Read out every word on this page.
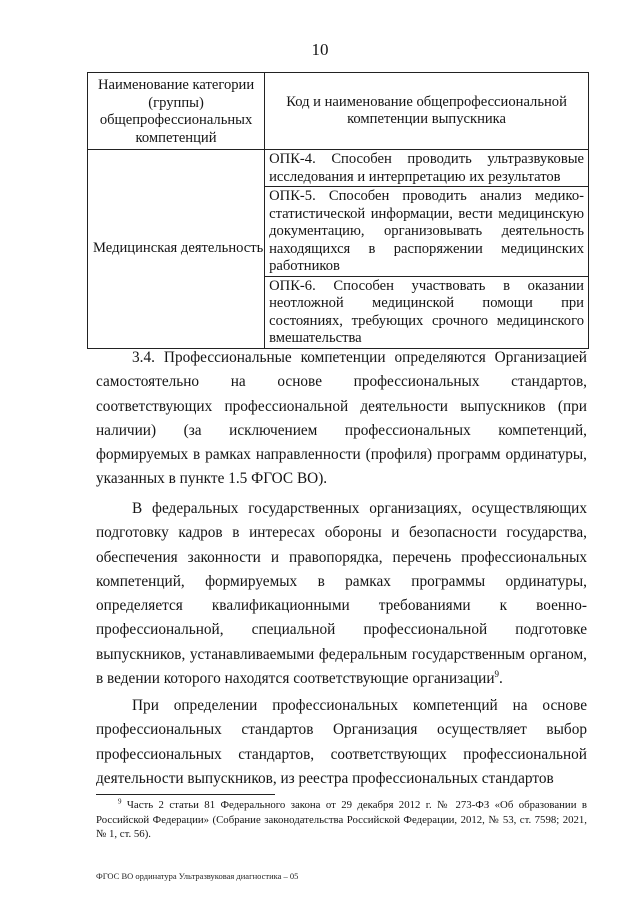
10
Наименование категории (группы) общепрофессиональных компетенций	Код и наименование общепрофессиональной компетенции выпускника
Медицинская деятельность	ОПК-4. Способен проводить ультразвуковые исследования и интерпретацию их результатов

	ОПК-5. Способен проводить анализ медико-статистической информации, вести медицинскую документацию, организовывать деятельность находящихся в распоряжении медицинских работников

	ОПК-6. Способен участвовать в оказании неотложной медицинской помощи при состояниях, требующих срочного медицинского вмешательства

3.4. Профессиональные компетенции определяются Организацией самостоятельно на основе профессиональных стандартов, соответствующих профессиональной деятельности выпускников (при наличии) (за исключением профессиональных компетенций, формируемых в рамках направленности (профиля) программ ординатуры, указанных в пункте 1.5 ФГОС ВО).

В федеральных государственных организациях, осуществляющих подготовку кадров в интересах обороны и безопасности государства, обеспечения законности и правопорядка, перечень профессиональных компетенций, формируемых в рамках программы ординатуры, определяется квалификационными требованиями к военно-профессиональной, специальной профессиональной подготовке выпускников, устанавливаемыми федеральным государственным органом, в ведении которого находятся соответствующие организации$^9$.

При определении профессиональных компетенций на основе профессиональных стандартов Организация осуществляет выбор профессиональных стандартов, соответствующих профессиональной деятельности выпускников, из реестра профессиональных стандартов

$^9$ Часть 2 статьи 81 Федерального закона от 29 декабря 2012 г. № 273-ФЗ «Об образовании в Российской Федерации» (Собрание законодательства Российской Федерации, 2012, № 53, ст. 7598; 2021, № 1, ст. 56).
ФГОС ВО ординатура Ультразвуковая диагностика – 05
